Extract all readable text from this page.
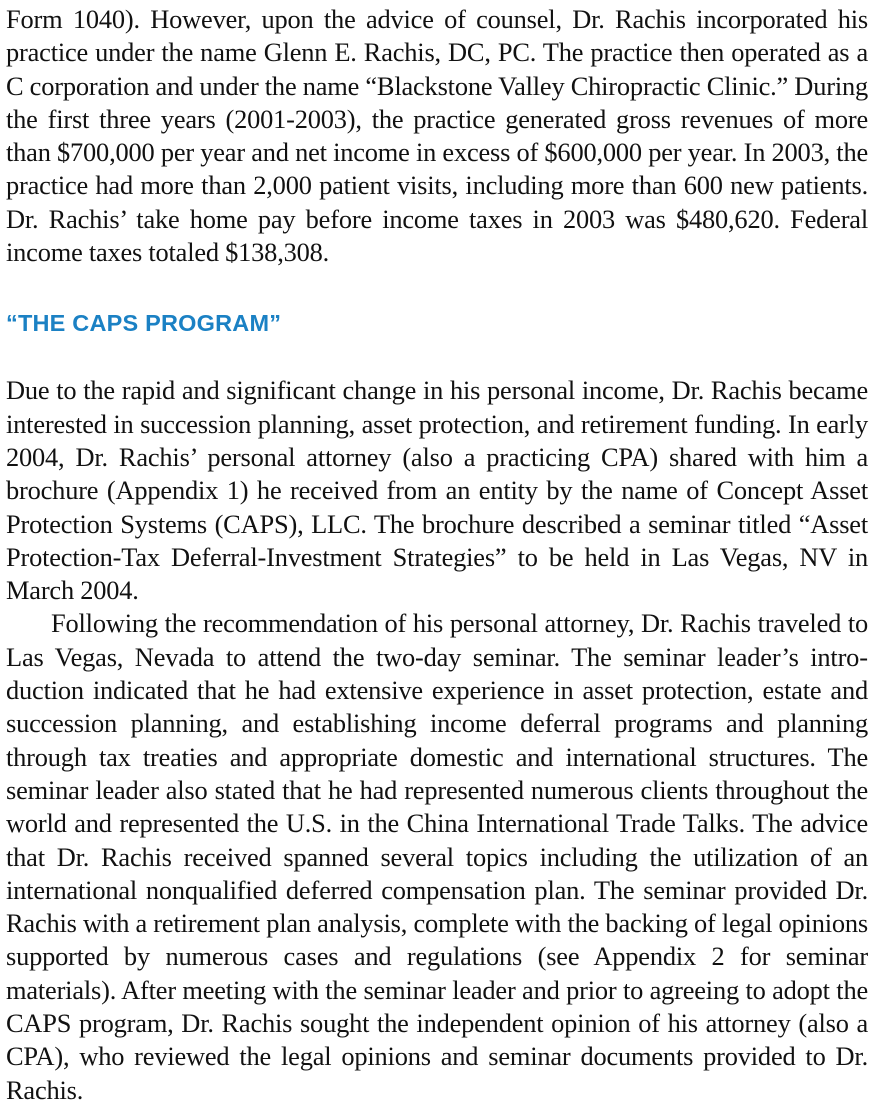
Form 1040). However, upon the advice of counsel, Dr. Rachis incorporated his practice under the name Glenn E. Rachis, DC, PC. The practice then operated as a C corporation and under the name “Blackstone Valley Chiropractic Clinic.” During the first three years (2001-2003), the practice generated gross revenues of more than $700,000 per year and net income in excess of $600,000 per year. In 2003, the practice had more than 2,000 patient visits, including more than 600 new patients. Dr. Rachis’ take home pay before income taxes in 2003 was $480,620. Federal income taxes totaled $138,308.

“THE CAPS PROGRAM”

Due to the rapid and significant change in his personal income, Dr. Rachis became interested in succession planning, asset protection, and retirement funding. In early 2004, Dr. Rachis’ personal attorney (also a practicing CPA) shared with him a brochure (Appendix 1) he received from an entity by the name of Concept Asset Protection Systems (CAPS), LLC. The brochure described a seminar titled “Asset Protection-Tax Deferral-Investment Strategies” to be held in Las Vegas, NV in March 2004.

Following the recommendation of his personal attorney, Dr. Rachis traveled to Las Vegas, Nevada to attend the two-day seminar. The seminar leader’s introduction indicated that he had extensive experience in asset protection, estate and succession planning, and establishing income deferral programs and planning through tax treaties and appropriate domestic and international structures. The seminar leader also stated that he had represented numerous clients throughout the world and represented the U.S. in the China International Trade Talks. The advice that Dr. Rachis received spanned several topics including the utilization of an international nonqualified deferred compensation plan. The seminar provided Dr. Rachis with a retirement plan analysis, complete with the backing of legal opinions supported by numerous cases and regulations (see Appendix 2 for seminar materials). After meeting with the seminar leader and prior to agreeing to adopt the CAPS program, Dr. Rachis sought the independent opinion of his attorney (also a CPA), who reviewed the legal opinions and seminar documents provided to Dr. Rachis.
